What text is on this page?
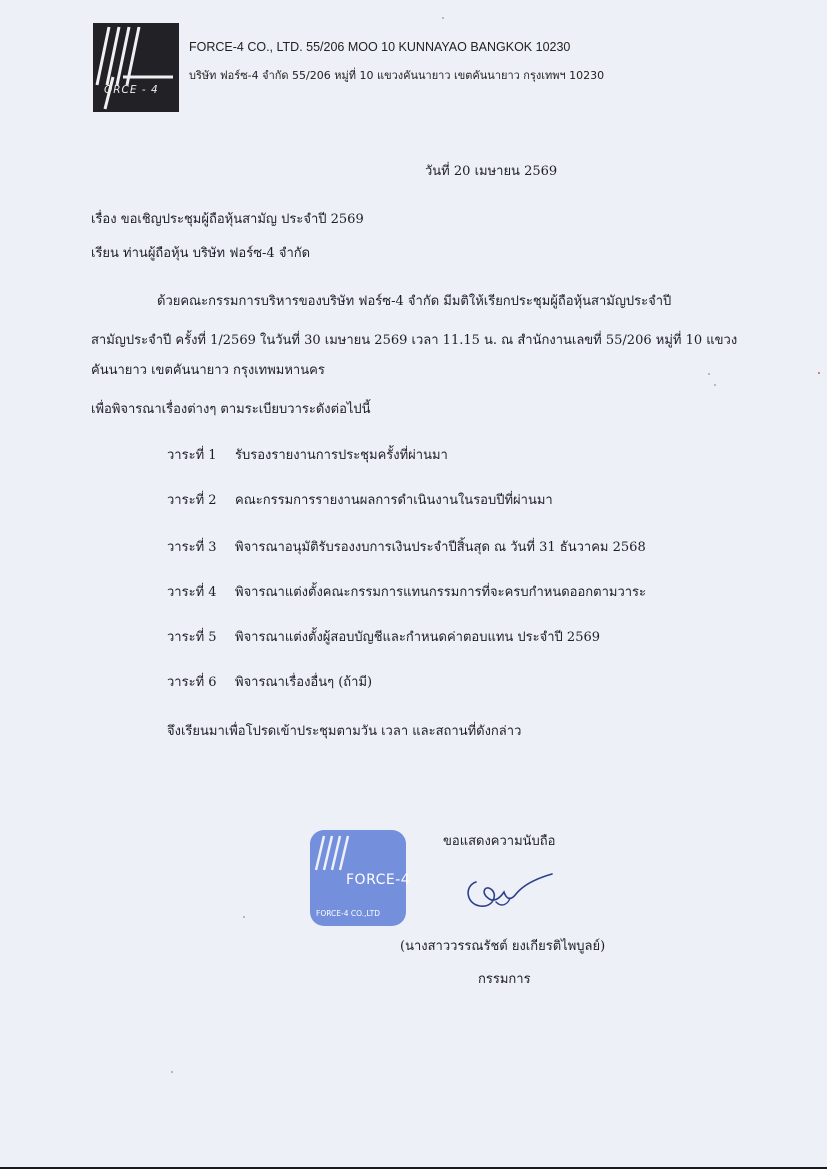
ORCE - 4
FORCE-4 CO., LTD. 55/206 MOO 10 KUNNAYAO BANGKOK 10230
บริษัท ฟอร์ซ-4 จำกัด 55/206 หมู่ที่ 10 แขวงคันนายาว เขตคันนายาว กรุงเทพฯ 10230
วันที่ 20 เมษายน 2569
เรื่อง ขอเชิญประชุมผู้ถือหุ้นสามัญ ประจำปี 2569
เรียน ท่านผู้ถือหุ้น บริษัท ฟอร์ซ-4 จำกัด
ด้วยคณะกรรมการบริหารของบริษัท ฟอร์ซ-4 จำกัด มีมติให้เรียกประชุมผู้ถือหุ้นสามัญประจำปี
สามัญประจำปี ครั้งที่ 1/2569 ในวันที่ 30 เมษายน 2569 เวลา 11.15 น. ณ สำนักงานเลขที่ 55/206 หมู่ที่ 10 แขวง
คันนายาว เขตคันนายาว กรุงเทพมหานคร
เพื่อพิจารณาเรื่องต่างๆ ตามระเบียบวาระดังต่อไปนี้
วาระที่ 1 รับรองรายงานการประชุมครั้งที่ผ่านมา
วาระที่ 2 คณะกรรมการรายงานผลการดำเนินงานในรอบปีที่ผ่านมา
วาระที่ 3 พิจารณาอนุมัติรับรองงบการเงินประจำปีสิ้นสุด ณ วันที่ 31 ธันวาคม 2568
วาระที่ 4 พิจารณาแต่งตั้งคณะกรรมการแทนกรรมการที่จะครบกำหนดออกตามวาระ
วาระที่ 5 พิจารณาแต่งตั้งผู้สอบบัญชีและกำหนดค่าตอบแทน ประจำปี 2569
วาระที่ 6 พิจารณาเรื่องอื่นๆ (ถ้ามี)
จึงเรียนมาเพื่อโปรดเข้าประชุมตามวัน เวลา และสถานที่ดังกล่าว
FORCE-4
FORCE-4 CO.,LTD
ขอแสดงความนับถือ
(นางสาววรรณรัชต์ ยงเกียรติไพบูลย์)
กรรมการ
